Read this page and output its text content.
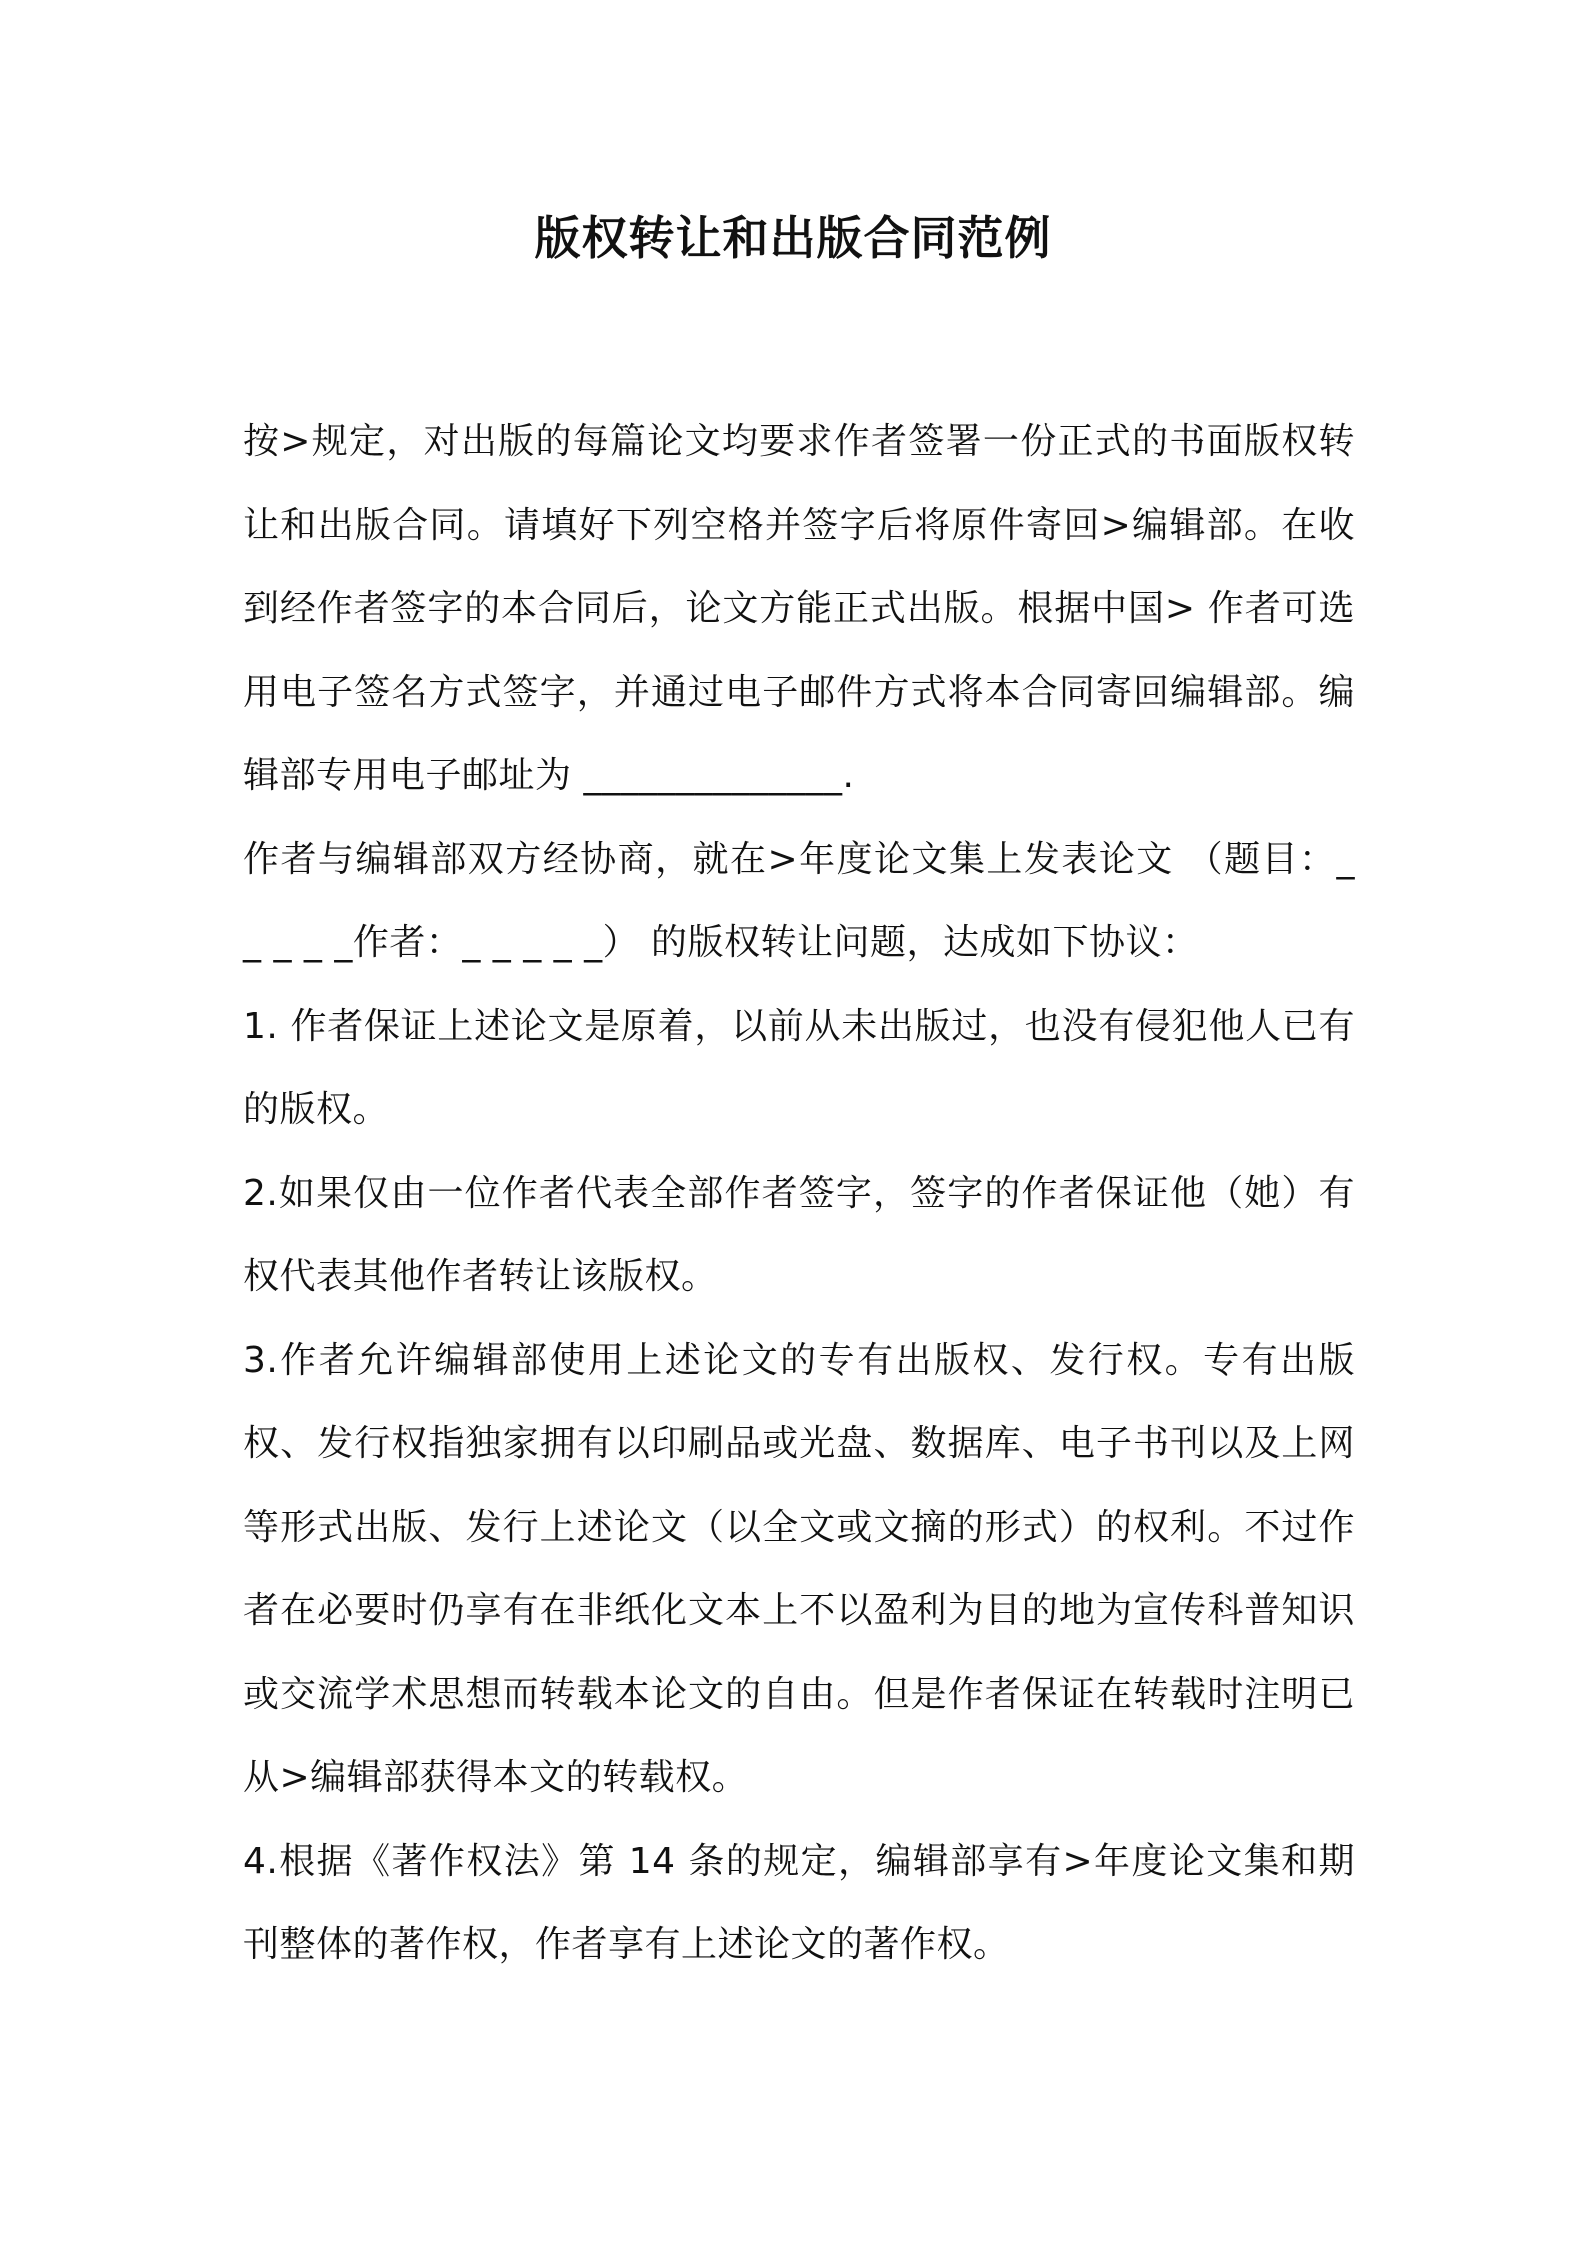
版权转让和出版合同范例

按>规定，对出版的每篇论文均要求作者签署一份正式的书面版权转让和出版合同。请填好下列空格并签字后将原件寄回>编辑部。在收到经作者签字的本合同后，论文方能正式出版。根据中国> 作者可选用电子签名方式签字，并通过电子邮件方式将本合同寄回编辑部。编辑部专用电子邮址为 ______________.

作者与编辑部双方经协商，就在>年度论文集上发表论文 （题目：_ _ _ _ _作者：_ _ _ _ _） 的版权转让问题，达成如下协议：

1. 作者保证上述论文是原着，以前从未出版过，也没有侵犯他人已有的版权。

2.如果仅由一位作者代表全部作者签字，签字的作者保证他（她）有权代表其他作者转让该版权。

3.作者允许编辑部使用上述论文的专有出版权、发行权。专有出版权、发行权指独家拥有以印刷品或光盘、数据库、电子书刊以及上网等形式出版、发行上述论文（以全文或文摘的形式）的权利。不过作者在必要时仍享有在非纸化文本上不以盈利为目的地为宣传科普知识或交流学术思想而转载本论文的自由。但是作者保证在转载时注明已从>编辑部获得本文的转载权。

4.根据《著作权法》第 14 条的规定，编辑部享有>年度论文集和期刊整体的著作权，作者享有上述论文的著作权。
